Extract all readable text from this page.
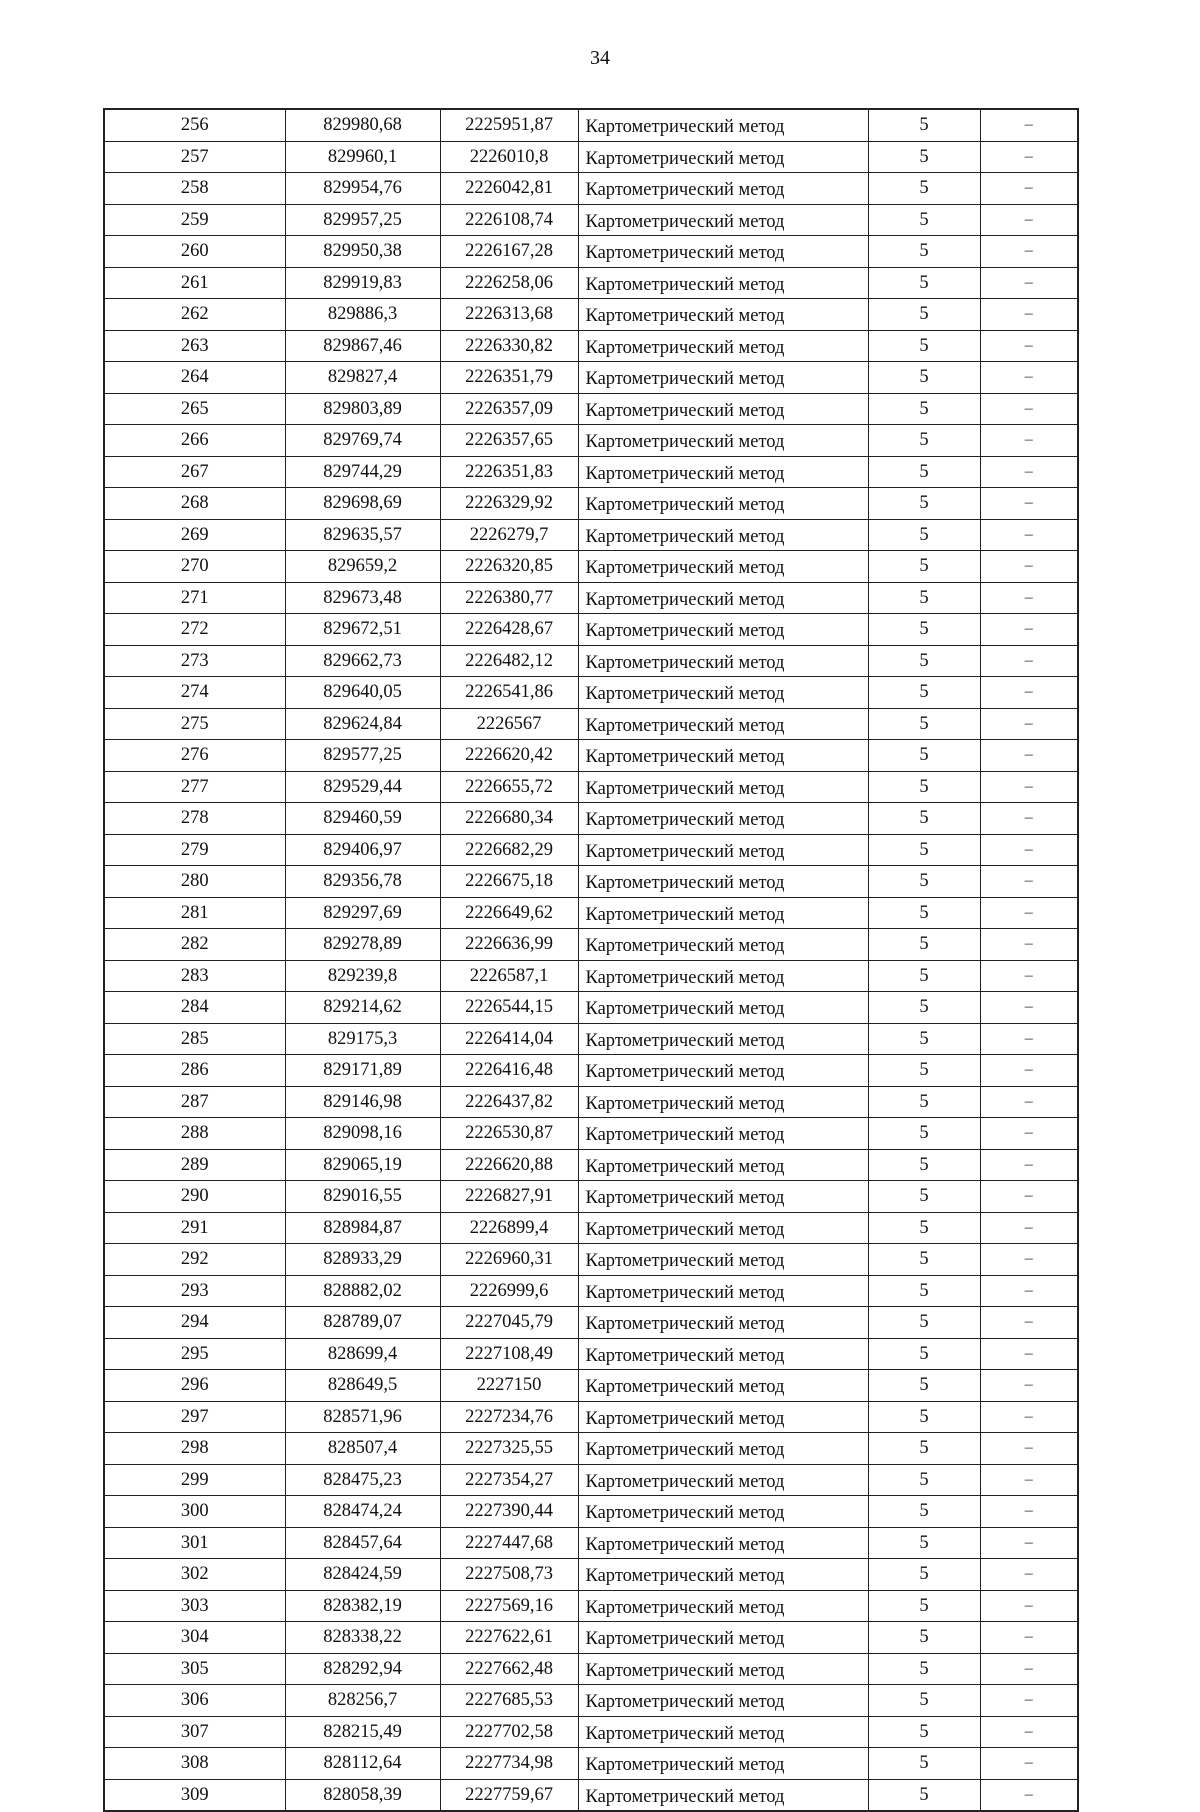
34
256	829980,68	2225951,87	Картометрический метод	5	–
257	829960,1	2226010,8	Картометрический метод	5	–
258	829954,76	2226042,81	Картометрический метод	5	–
259	829957,25	2226108,74	Картометрический метод	5	–
260	829950,38	2226167,28	Картометрический метод	5	–
261	829919,83	2226258,06	Картометрический метод	5	–
262	829886,3	2226313,68	Картометрический метод	5	–
263	829867,46	2226330,82	Картометрический метод	5	–
264	829827,4	2226351,79	Картометрический метод	5	–
265	829803,89	2226357,09	Картометрический метод	5	–
266	829769,74	2226357,65	Картометрический метод	5	–
267	829744,29	2226351,83	Картометрический метод	5	–
268	829698,69	2226329,92	Картометрический метод	5	–
269	829635,57	2226279,7	Картометрический метод	5	–
270	829659,2	2226320,85	Картометрический метод	5	–
271	829673,48	2226380,77	Картометрический метод	5	–
272	829672,51	2226428,67	Картометрический метод	5	–
273	829662,73	2226482,12	Картометрический метод	5	–
274	829640,05	2226541,86	Картометрический метод	5	–
275	829624,84	2226567	Картометрический метод	5	–
276	829577,25	2226620,42	Картометрический метод	5	–
277	829529,44	2226655,72	Картометрический метод	5	–
278	829460,59	2226680,34	Картометрический метод	5	–
279	829406,97	2226682,29	Картометрический метод	5	–
280	829356,78	2226675,18	Картометрический метод	5	–
281	829297,69	2226649,62	Картометрический метод	5	–
282	829278,89	2226636,99	Картометрический метод	5	–
283	829239,8	2226587,1	Картометрический метод	5	–
284	829214,62	2226544,15	Картометрический метод	5	–
285	829175,3	2226414,04	Картометрический метод	5	–
286	829171,89	2226416,48	Картометрический метод	5	–
287	829146,98	2226437,82	Картометрический метод	5	–
288	829098,16	2226530,87	Картометрический метод	5	–
289	829065,19	2226620,88	Картометрический метод	5	–
290	829016,55	2226827,91	Картометрический метод	5	–
291	828984,87	2226899,4	Картометрический метод	5	–
292	828933,29	2226960,31	Картометрический метод	5	–
293	828882,02	2226999,6	Картометрический метод	5	–
294	828789,07	2227045,79	Картометрический метод	5	–
295	828699,4	2227108,49	Картометрический метод	5	–
296	828649,5	2227150	Картометрический метод	5	–
297	828571,96	2227234,76	Картометрический метод	5	–
298	828507,4	2227325,55	Картометрический метод	5	–
299	828475,23	2227354,27	Картометрический метод	5	–
300	828474,24	2227390,44	Картометрический метод	5	–
301	828457,64	2227447,68	Картометрический метод	5	–
302	828424,59	2227508,73	Картометрический метод	5	–
303	828382,19	2227569,16	Картометрический метод	5	–
304	828338,22	2227622,61	Картометрический метод	5	–
305	828292,94	2227662,48	Картометрический метод	5	–
306	828256,7	2227685,53	Картометрический метод	5	–
307	828215,49	2227702,58	Картометрический метод	5	–
308	828112,64	2227734,98	Картометрический метод	5	–
309	828058,39	2227759,67	Картометрический метод	5	–
